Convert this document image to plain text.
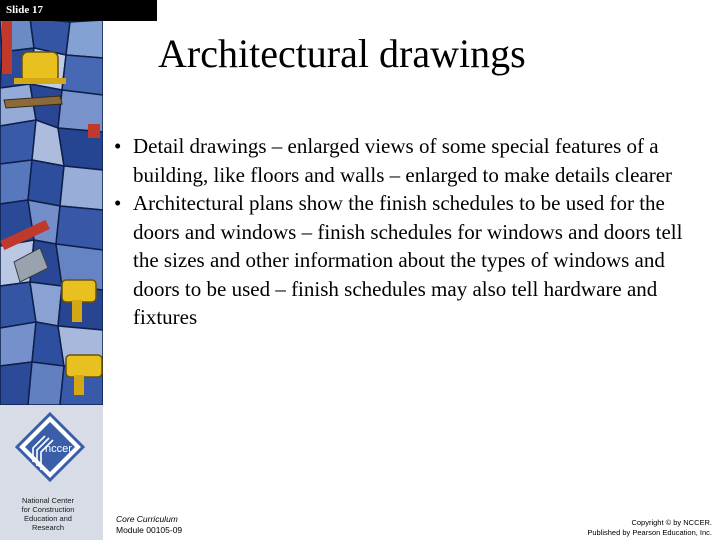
nccer
National Center
for Construction
Education and
Research
Slide 17
Architectural drawings
• Detail drawings – enlarged views of some special features of a building, like floors and walls – enlarged to make details clearer
• Architectural plans show the finish schedules to be used for the doors and windows – finish schedules for windows and doors tell the sizes and other information about the types of windows and doors to be used – finish schedules may also tell hardware and fixtures
Core Curriculum
Module 00105-09
Copyright © by NCCER.
Published by Pearson Education, Inc.
